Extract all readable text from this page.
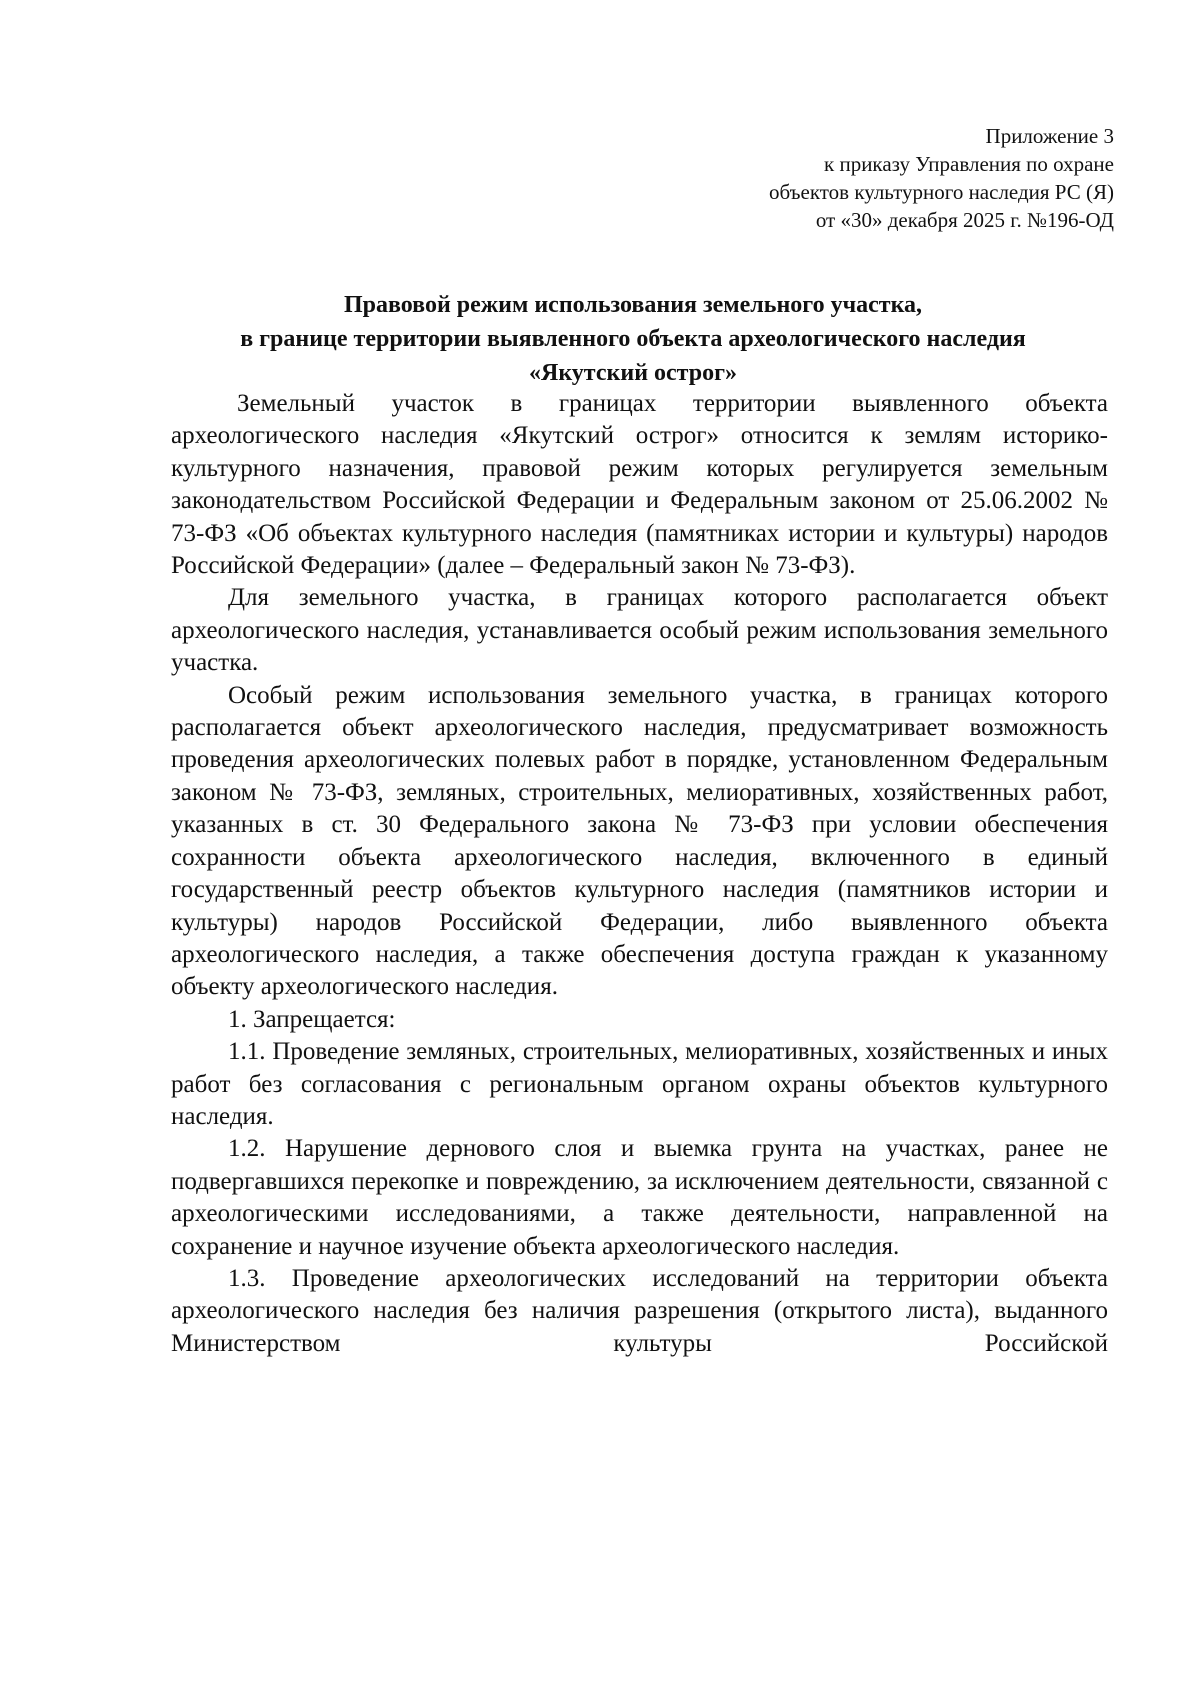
Приложение 3
к приказу Управления по охране
объектов культурного наследия РС (Я)
от «30» декабря 2025 г. №196-ОД
Правовой режим использования земельного участка,
в границе территории выявленного объекта археологического наследия
«Якутский острог»

Земельный участок в границах территории выявленного объекта археологического наследия «Якутский острог» относится к землям историко-культурного назначения, правовой режим которых регулируется земельным законодательством Российской Федерации и Федеральным законом от 25.06.2002 № 73-ФЗ «Об объектах культурного наследия (памятниках истории и культуры) народов Российской Федерации» (далее – Федеральный закон № 73-ФЗ).

Для земельного участка, в границах которого располагается объект археологического наследия, устанавливается особый режим использования земельного участка.

Особый режим использования земельного участка, в границах которого располагается объект археологического наследия, предусматривает возможность проведения археологических полевых работ в порядке, установленном Федеральным законом № 73-ФЗ, земляных, строительных, мелиоративных, хозяйственных работ, указанных в ст. 30 Федерального закона № 73-ФЗ при условии обеспечения сохранности объекта археологического наследия, включенного в единый государственный реестр объектов культурного наследия (памятников истории и культуры) народов Российской Федерации, либо выявленного объекта археологического наследия, а также обеспечения доступа граждан к указанному объекту археологического наследия.

1. Запрещается:

1.1. Проведение земляных, строительных, мелиоративных, хозяйственных и иных работ без согласования с региональным органом охраны объектов культурного наследия.

1.2. Нарушение дернового слоя и выемка грунта на участках, ранее не подвергавшихся перекопке и повреждению, за исключением деятельности, связанной с археологическими исследованиями, а также деятельности, направленной на сохранение и научное изучение объекта археологического наследия.

1.3. Проведение археологических исследований на территории объекта археологического наследия без наличия разрешения (открытого листа), выданного Министерством культуры Российской
